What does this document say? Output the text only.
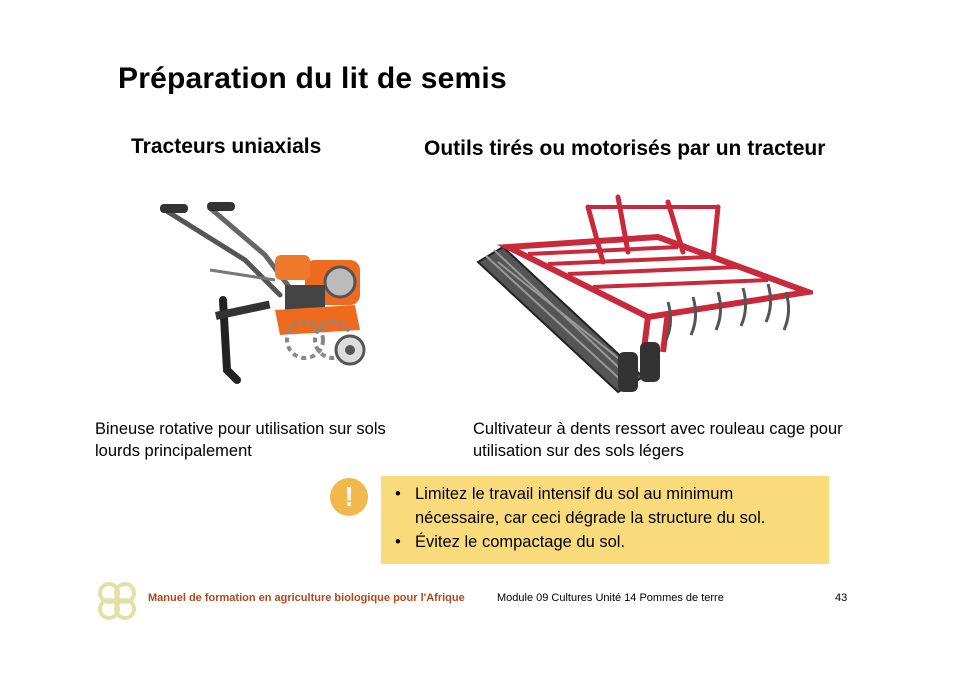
Préparation du lit de semis
Tracteurs uniaxials	Outils tirés ou motorisés par un tracteur
Bineuse rotative pour utilisation sur sols lourds principalement
Cultivateur à dents ressort avec rouleau cage pour utilisation sur des sols légers
!	• Limitez le travail intensif du sol au minimum nécessaire, car ceci dégrade la structure du sol.
• Évitez le compactage du sol.
Manuel de formation en agriculture biologique pour l'Afrique	Module 09 Cultures Unité 14 Pommes de terre	43
